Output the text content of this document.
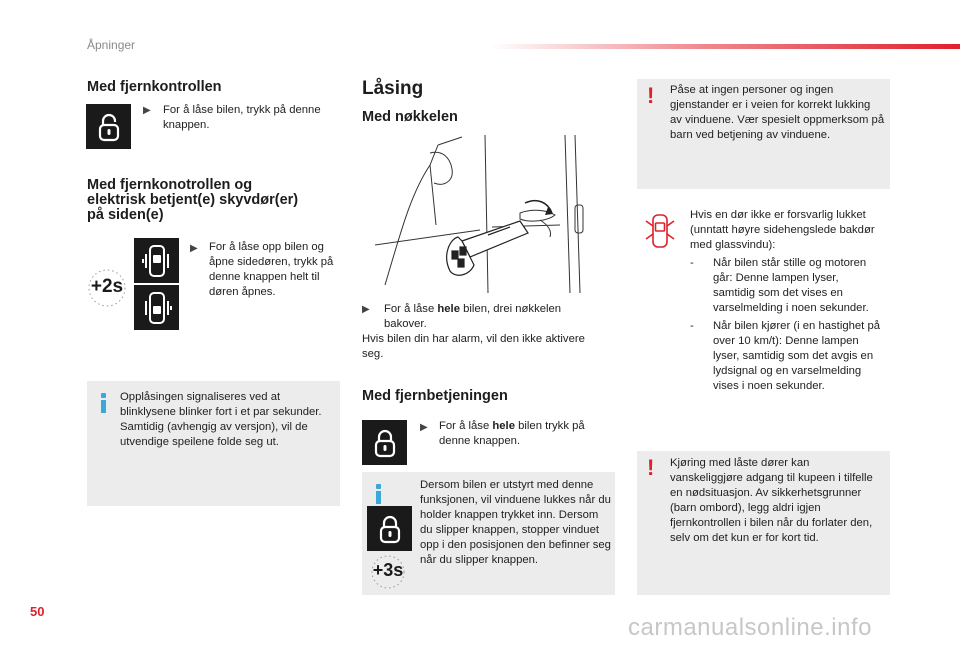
Åpninger
Med fjernkontrollen
▶ For å låse bilen, trykk på denne knappen.
Med fjernkonotrollen og
elektrisk betjent(e) skyvdør(er)
på siden(e)
+2s
▶ For å låse opp bilen og åpne sidedøren, trykk på denne knappen helt til døren åpnes.
Opplåsingen signaliseres ved at blinklysene blinker fort i et par sekunder. Samtidig (avhengig av versjon), vil de utvendige speilene folde seg ut.
Låsing
Med nøkkelen
▶ For å låse hele bilen, drei nøkkelen bakover.
Hvis bilen din har alarm, vil den ikke aktivere seg.
Med fjernbetjeningen
▶ For å låse hele bilen trykk på denne knappen.
+3s
Dersom bilen er utstyrt med denne funksjonen, vil vinduene lukkes når du holder knappen trykket inn. Dersom du slipper knappen, stopper vinduet opp i den posisjonen den befinner seg når du slipper knappen.
! Påse at ingen personer og ingen gjenstander er i veien for korrekt lukking av vinduene. Vær spesielt oppmerksom på barn ved betjening av vinduene.
Hvis en dør ikke er forsvarlig lukket (unntatt høyre sidehengslede bakdør med glassvindu):
- Når bilen står stille og motoren går: Denne lampen lyser, samtidig som det vises en varselmelding i noen sekunder.
- Når bilen kjører (i en hastighet på over 10 km/t): Denne lampen lyser, samtidig som det avgis en lydsignal og en varselmelding vises i noen sekunder.
! Kjøring med låste dører kan vanskeliggjøre adgang til kupeen i tilfelle en nødsituasjon. Av sikkerhetsgrunner (barn ombord), legg aldri igjen fjernkontrollen i bilen når du forlater den, selv om det kun er for kort tid.
50
carmanualsonline.info
